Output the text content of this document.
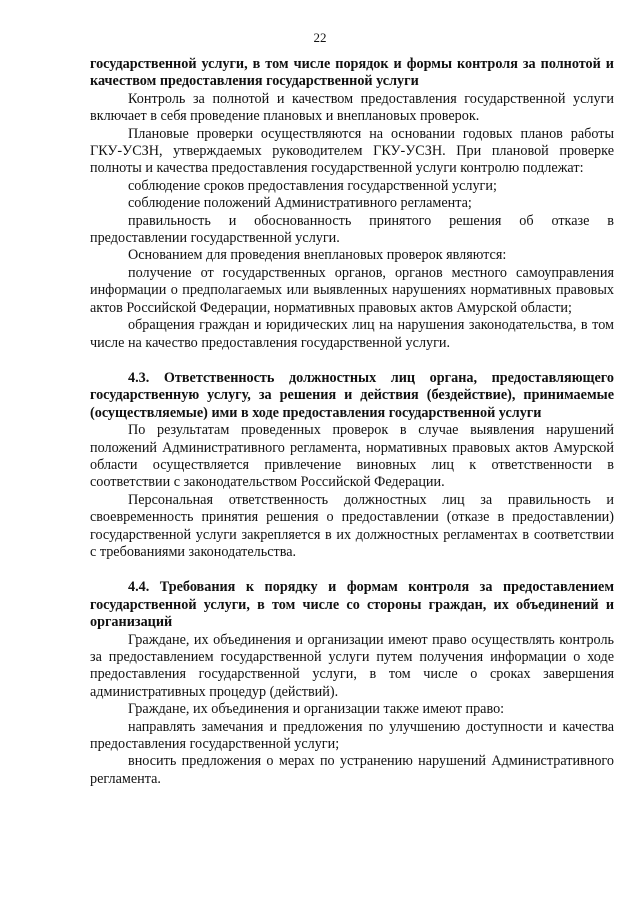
22

государственной услуги, в том числе порядок и формы контроля за полнотой и качеством предоставления государственной услуги

Контроль за полнотой и качеством предоставления государственной услуги включает в себя проведение плановых и внеплановых проверок.

Плановые проверки осуществляются на основании годовых планов работы ГКУ-УСЗН, утверждаемых руководителем ГКУ-УСЗН. При плановой проверке полноты и качества предоставления государственной услуги контролю подлежат:

соблюдение сроков предоставления государственной услуги;

соблюдение положений Административного регламента;

правильность и обоснованность принятого решения об отказе в предоставлении государственной услуги.

Основанием для проведения внеплановых проверок являются:

получение от государственных органов, органов местного самоуправления информации о предполагаемых или выявленных нарушениях нормативных правовых актов Российской Федерации, нормативных правовых актов Амурской области;

обращения граждан и юридических лиц на нарушения законодательства, в том числе на качество предоставления государственной услуги.

4.3. Ответственность должностных лиц органа, предоставляющего государственную услугу, за решения и действия (бездействие), принимаемые (осуществляемые) ими в ходе предоставления государственной услуги

По результатам проведенных проверок в случае выявления нарушений положений Административного регламента, нормативных правовых актов Амурской области осуществляется привлечение виновных лиц к ответственности в соответствии с законодательством Российской Федерации.

Персональная ответственность должностных лиц за правильность и своевременность принятия решения о предоставлении (отказе в предоставлении) государственной услуги закрепляется в их должностных регламентах в соответствии с требованиями законодательства.

4.4. Требования к порядку и формам контроля за предоставлением государственной услуги, в том числе со стороны граждан, их объединений и организаций

Граждане, их объединения и организации имеют право осуществлять контроль за предоставлением государственной услуги путем получения информации о ходе предоставления государственной услуги, в том числе о сроках завершения административных процедур (действий).

Граждане, их объединения и организации также имеют право:

направлять замечания и предложения по улучшению доступности и качества предоставления государственной услуги;

вносить предложения о мерах по устранению нарушений Административного регламента.
